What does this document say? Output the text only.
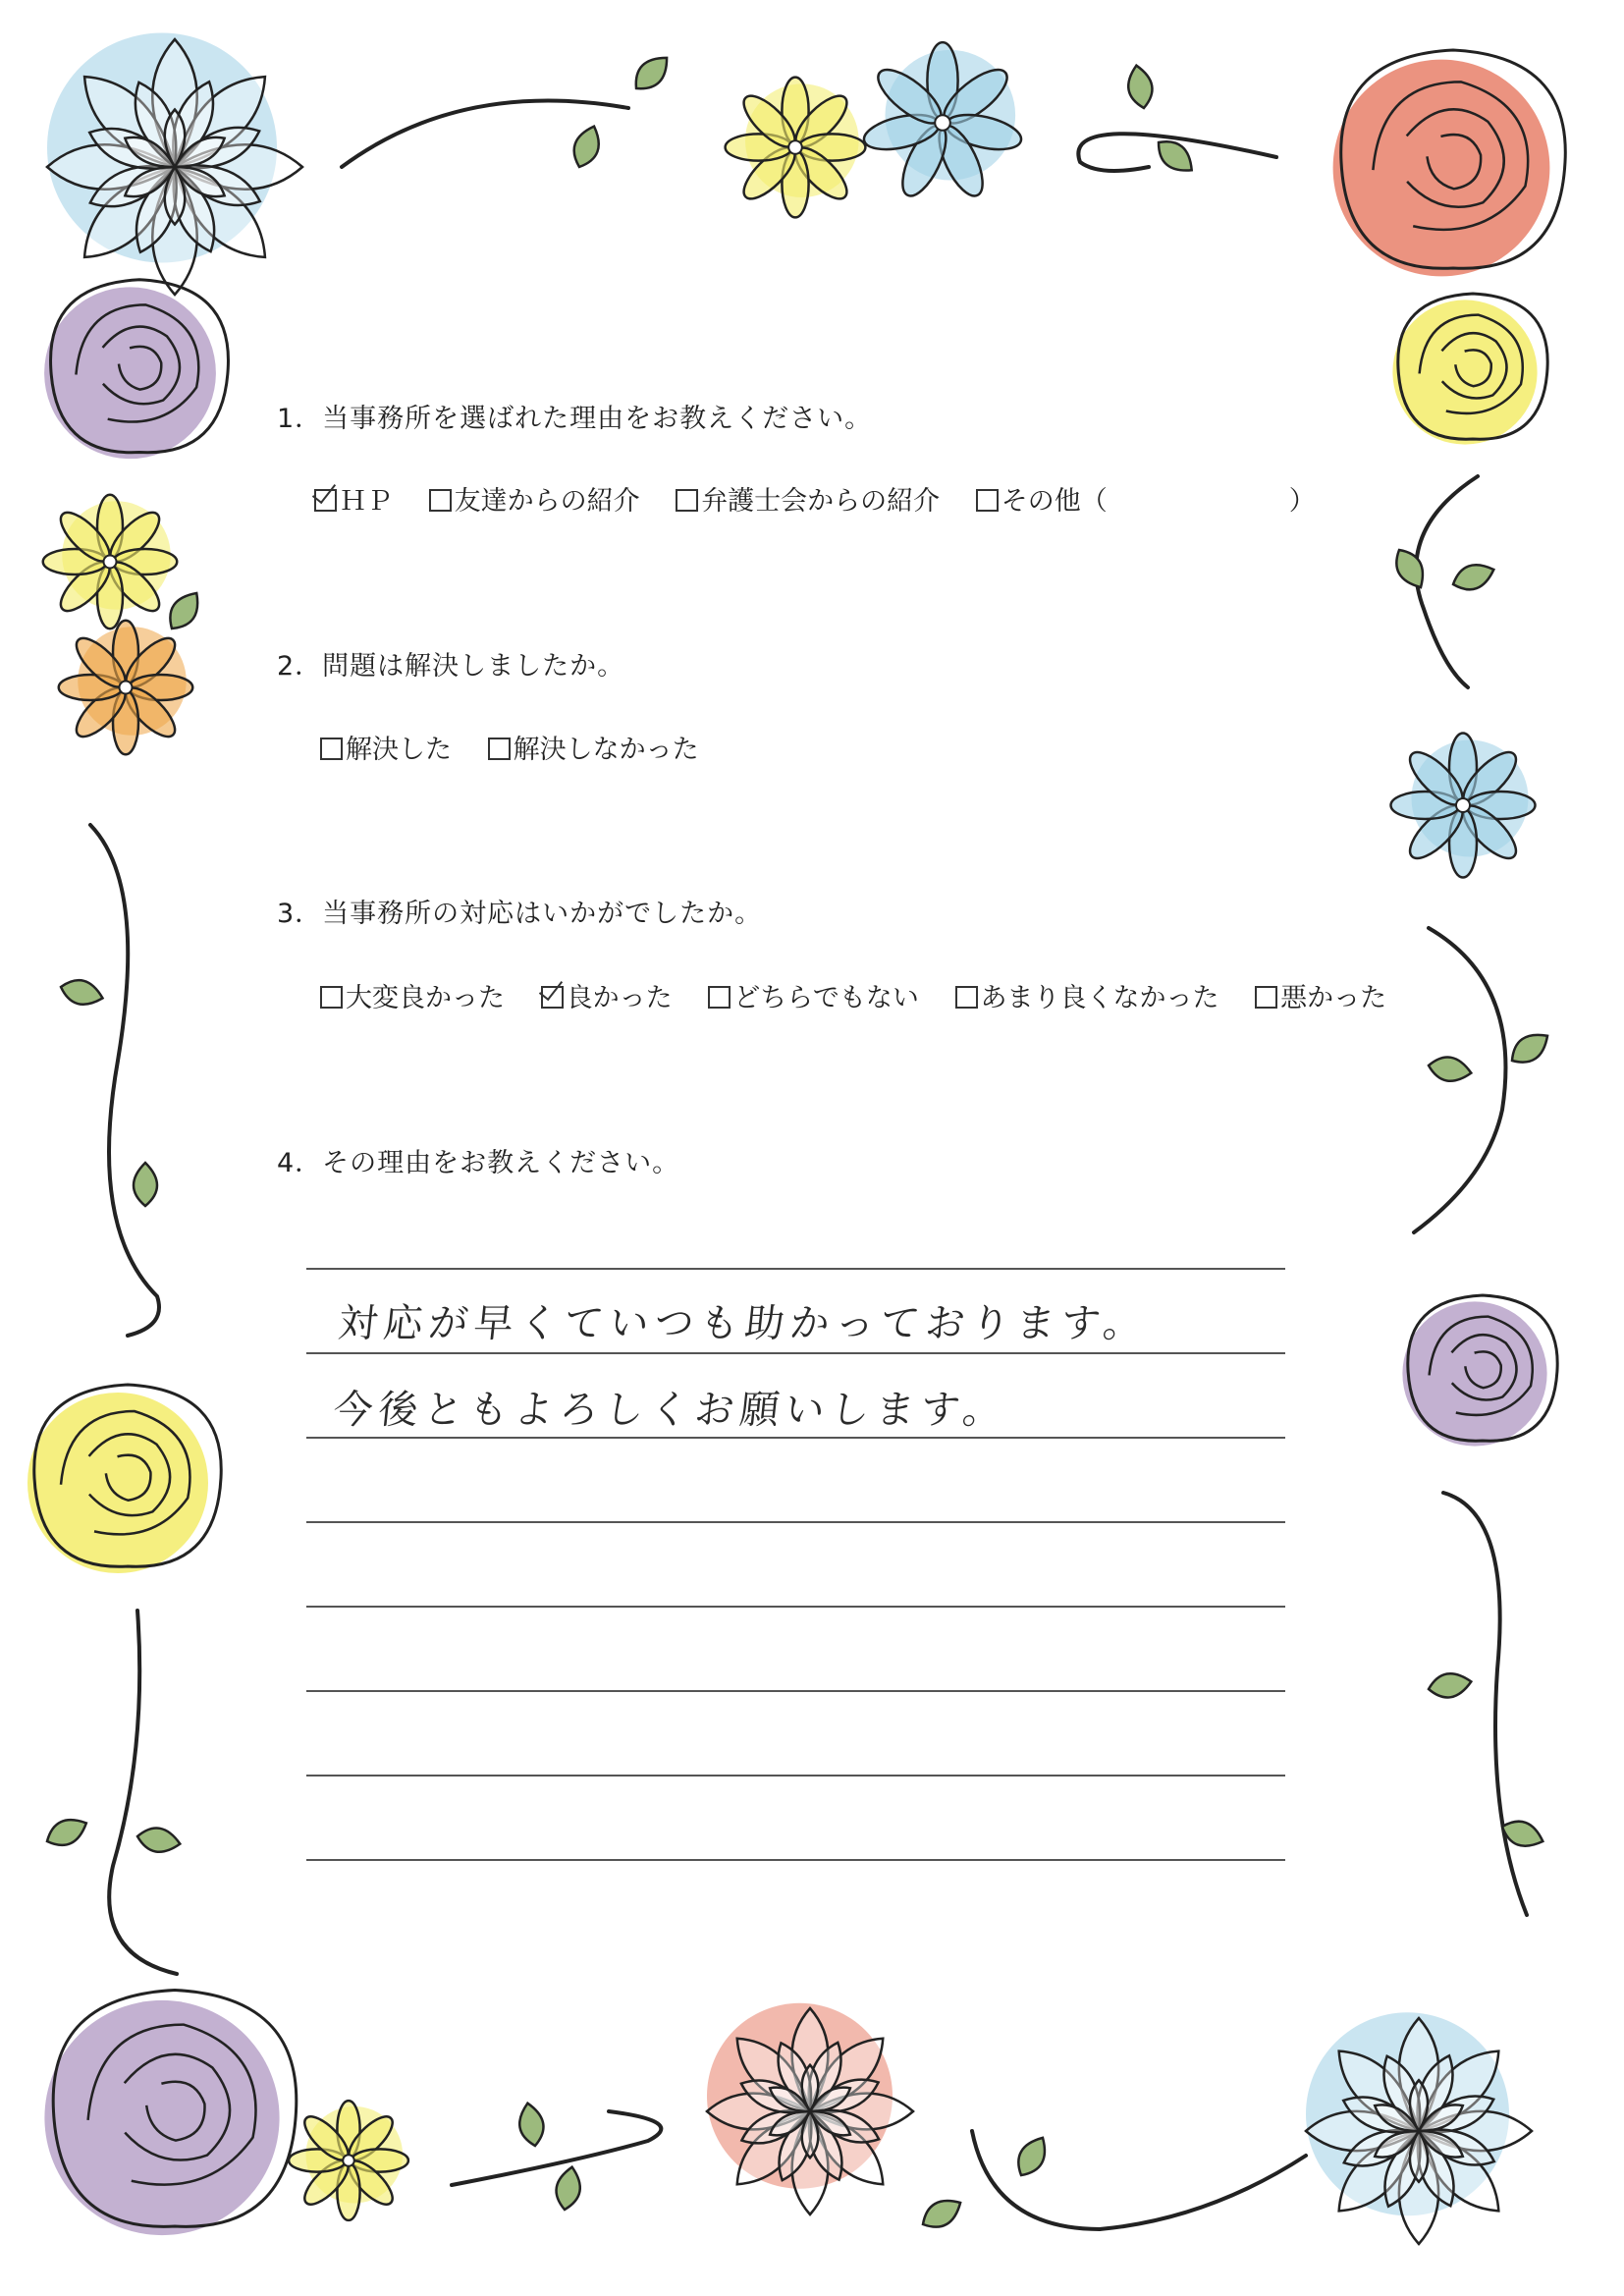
1．当事務所を選ばれた理由をお教えください。
ＨＰ 友達からの紹介 弁護士会からの紹介 その他（	）
2．問題は解決しましたか。
解決した 解決しなかった
3．当事務所の対応はいかがでしたか。
大変良かった 良かった どちらでもない あまり良くなかった 悪かった
4．その理由をお教えください。
対応が早くていつも助かっております。
今後ともよろしくお願いします。
